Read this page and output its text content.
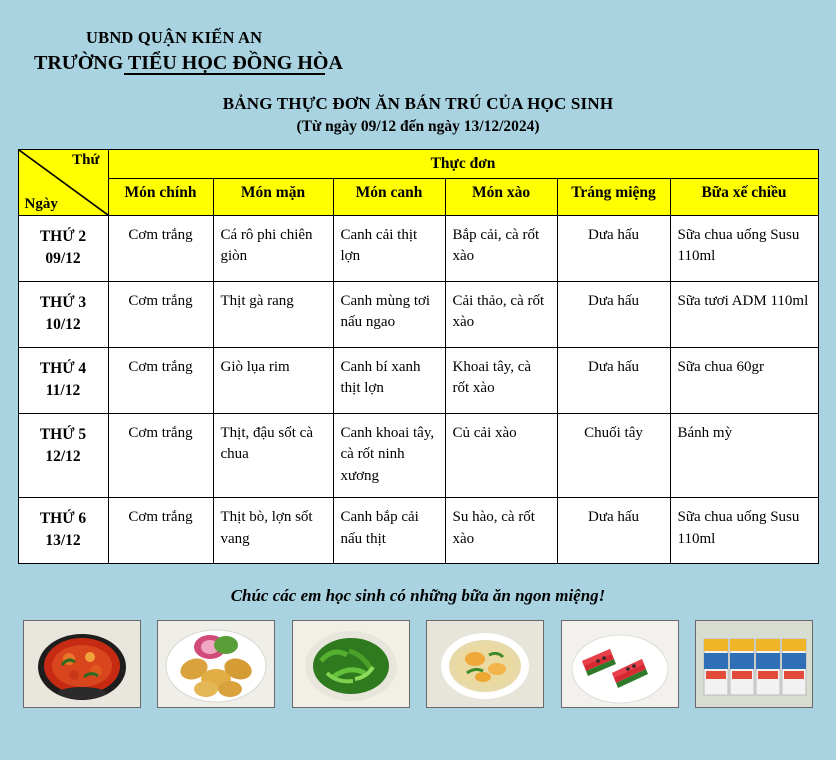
UBND QUẬN KIẾN AN
TRƯỜNG TIỂU HỌC ĐỒNG HÒA
BẢNG THỰC ĐƠN ĂN BÁN TRÚ CỦA HỌC SINH
(Từ ngày 09/12 đến ngày 13/12/2024)
Thứ
Ngày	Thực đơn					
	Món chính	Món mặn	Món canh	Món xào	Tráng miệng	Bữa xế chiều

THỨ 2
09/12	Cơm trắng	Cá rô phi chiên giòn	Canh cải thịt lợn	Bắp cải, cà rốt xào	Dưa hấu	Sữa chua uống Susu 110ml

THỨ 3
10/12	Cơm trắng	Thịt gà rang	Canh mùng tơi nấu ngao	Cải thảo, cà rốt xào	Dưa hấu	Sữa tươi ADM 110ml

THỨ 4
11/12	Cơm trắng	Giò lụa rim	Canh bí xanh thịt lợn	Khoai tây, cà rốt xào	Dưa hấu	Sữa chua 60gr

THỨ 5
12/12	Cơm trắng	Thịt, đậu sốt cà chua	Canh khoai tây, cà rốt ninh xương	Củ cải xào	Chuối tây	Bánh mỳ

THỨ 6
13/12	Cơm trắng	Thịt bò, lợn sốt vang	Canh bắp cải nấu thịt	Su hào, cà rốt xào	Dưa hấu	Sữa chua uống Susu 110ml
Chúc các em học sinh có những bữa ăn ngon miệng!
